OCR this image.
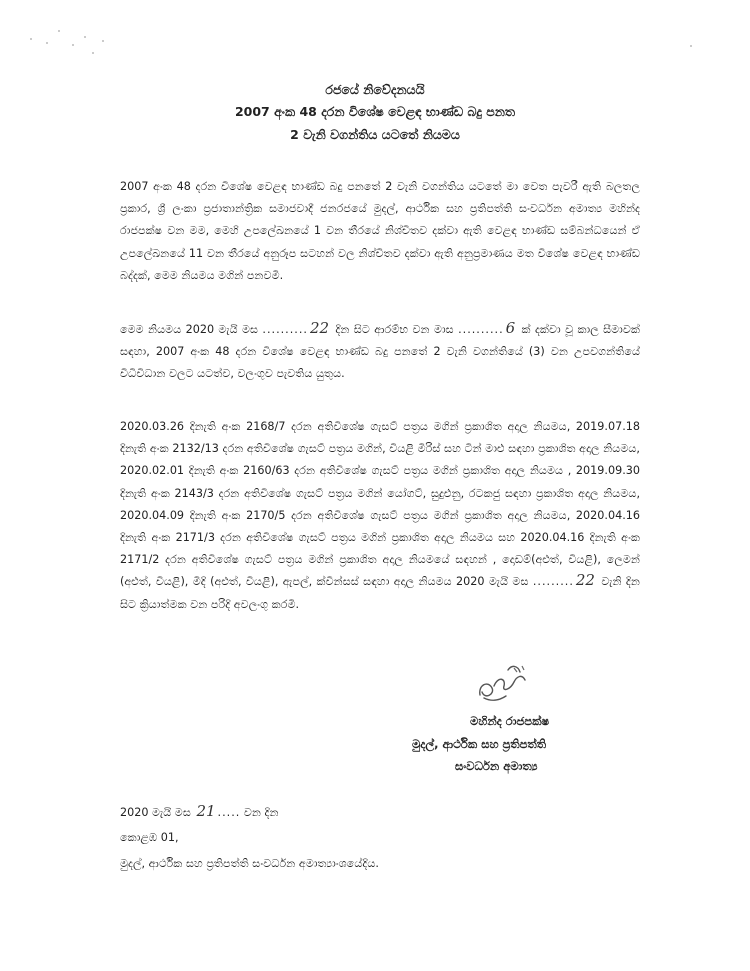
රජයේ නිවේදනයයි
2007 අංක 48 දරන විශේෂ වෙළඳ භාණ්ඩ බදු පනත
2 වැනි වගන්තිය යටතේ නියමය
2007 අංක 48 දරන විශේෂ වෙළඳ භාණ්ඩ බදු පනතේ 2 වැනි වගන්තිය යටතේ මා වෙත පැවරී ඇති බලතල ප්‍රකාර, ශ්‍රී ලංකා ප්‍රජාතාන්ත්‍රික සමාජවාදී ජනරජයේ මුදල්, ආර්ථික සහ ප්‍රතිපත්ති සංවර්ධන අමාත්‍ය මහින්ද රාජපක්ෂ වන මම, මෙහි උපලේඛනයේ 1 වන තීරයේ නිශ්චිතව දක්වා ඇති වෙළඳ භාණ්ඩ සම්බන්ධයෙන් ඒ උපලේඛනයේ 11 වන තීරයේ අනුරූප සටහන් වල නිශ්චිතව දක්වා ඇති අනුප්‍රමාණය මත විශේෂ වෙළඳ භාණ්ඩ බද්දක්, මෙම නියමය මගින් පනවමි.
මෙම නියමය 2020 මැයි මස .......... 22 දින සිට ආරම්භ වන මාස .......... 6 ක් දක්වා වූ කාල සීමාවක් සඳහා, 2007 අංක 48 දරන විශේෂ වෙළඳ භාණ්ඩ බදු පනතේ 2 වැනි වගන්තියේ (3) වන උපවගන්තියේ විධිවිධාන වලට යටත්ව, වලංගුව පැවතිය යුතුය.
2020.03.26 දිනැති අංක 2168/7 දරන අතිවිශේෂ ගැසට් පත්‍රය මගින් ප්‍රකාශිත අදාල නියමය, 2019.07.18 දිනැති අංක 2132/13 දරන අතිවිශේෂ ගැසට් පත්‍රය මගින්, වියළි මිරිස් සහ ටින් මාළු සඳහා ප්‍රකාශිත අදාල නියමය, 2020.02.01 දිනැති අංක 2160/63 දරන අතිවිශේෂ ගැසට් පත්‍රය මගින් ප්‍රකාශිත අදාල නියමය , 2019.09.30 දිනැති අංක 2143/3 දරන අතිවිශේෂ ගැසට් පත්‍රය මගින් යෝගට්, සුදුළුනු, රටකජු සඳහා ප්‍රකාශිත අදාල නියමය, 2020.04.09 දිනැති අංක 2170/5 දරන අතිවිශේෂ ගැසට් පත්‍රය මගින් ප්‍රකාශිත අදාල නියමය, 2020.04.16 දිනැති අංක 2171/3 දරන අතිවිශේෂ ගැසට් පත්‍රය මගින් ප්‍රකාශිත අදාල නියමය සහ 2020.04.16 දිනැති අංක 2171/2 දරන අතිවිශේෂ ගැසට් පත්‍රය මගින් ප්‍රකාශිත අදාල නියමයේ සඳහන් , දොඩම්(අළුත්, වියළි), ලෙමන් (අළුත්, වියළි), මිදි (අළුත්, වියළි), ඇපල්, ක්වීන්සස් සඳහා අදාල නියමය 2020 මැයි මස ......... 22 වැනි දින සිට ක්‍රියාත්මක වන පරිදි අවලංගු කරමි.
මහින්ද රාජපක්ෂ
මුදල්, ආර්ථික සහ ප්‍රතිපත්ති
සංවර්ධන අමාත්‍ය
2020 මැයි මස 21 ..... වන දින
කොළඹ 01,
මුදල්, ආර්ථික සහ ප්‍රතිපත්ති සංවර්ධන අමාත්‍යාංශයේදිය.
